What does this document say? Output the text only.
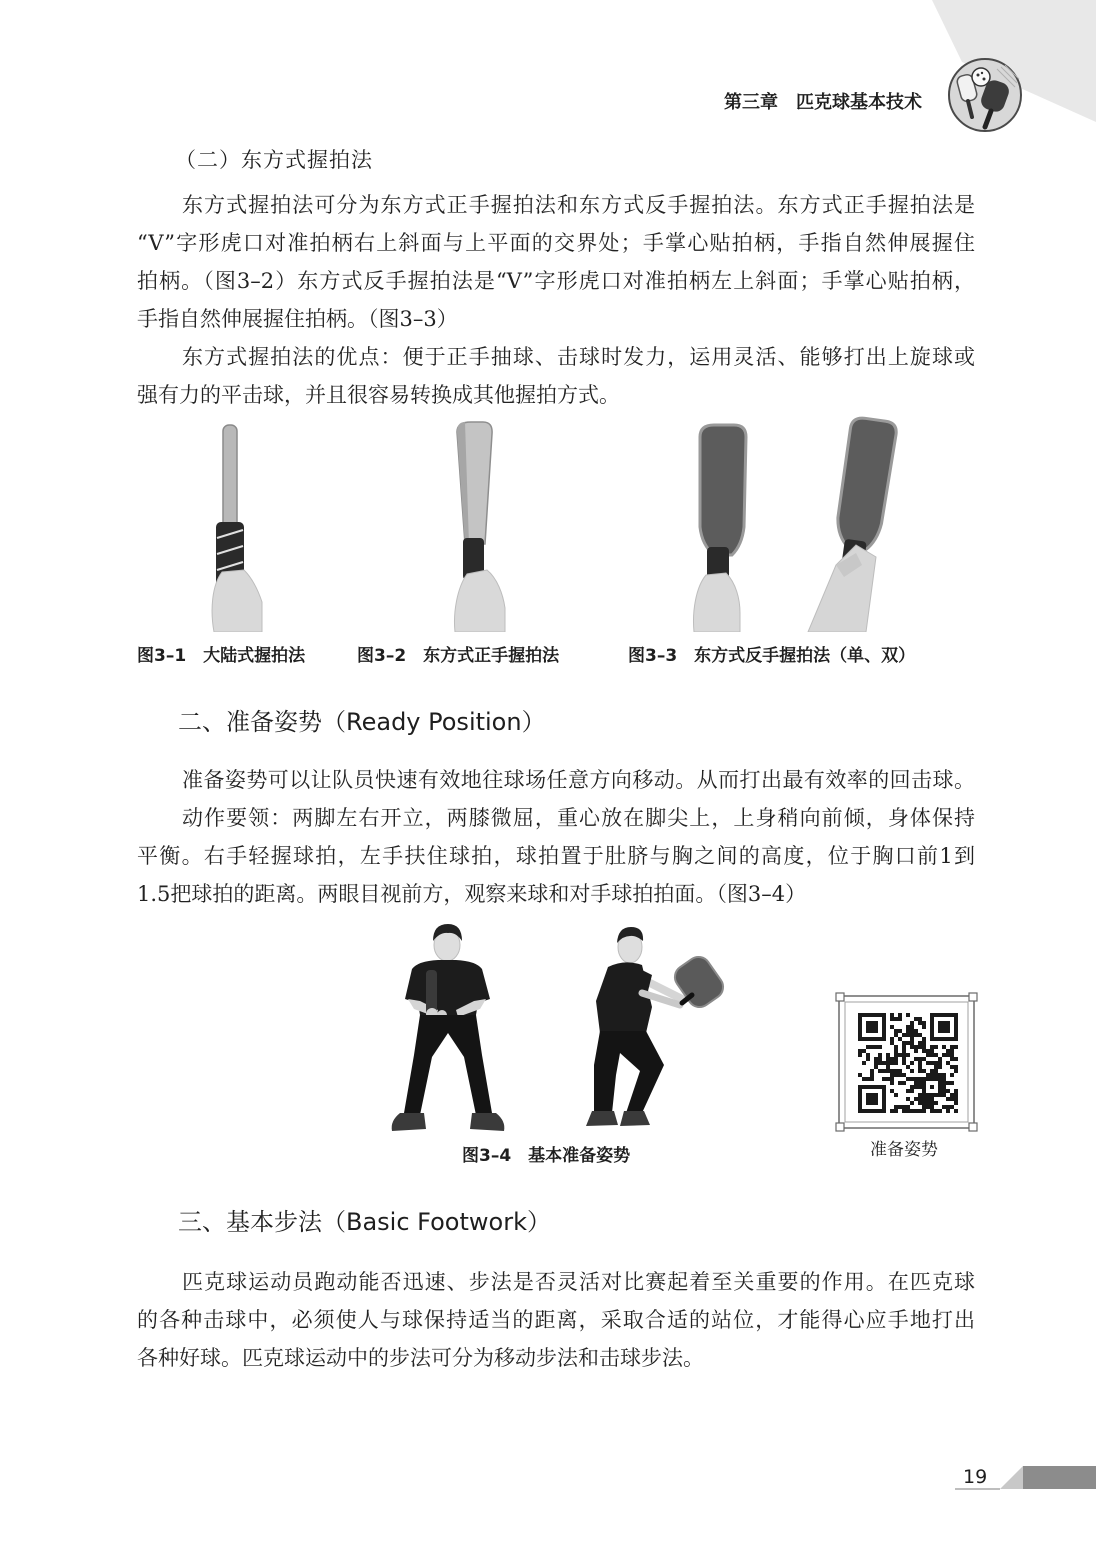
第三章　匹克球基本技术
（二）东方式握拍法
东方式握拍法可分为东方式正手握拍法和东方式反手握拍法。东方式正手握拍法是
“V”字形虎口对准拍柄右上斜面与上平面的交界处；手掌心贴拍柄，手指自然伸展握住
拍柄。（图3–2）东方式反手握拍法是“V”字形虎口对准拍柄左上斜面；手掌心贴拍柄，
手指自然伸展握住拍柄。（图3–3）
东方式握拍法的优点：便于正手抽球、击球时发力，运用灵活、能够打出上旋球或
强有力的平击球，并且很容易转换成其他握拍方式。
图3–1　大陆式握拍法	图3–2　东方式正手握拍法	图3–3　东方式反手握拍法（单、双）
二、准备姿势（Ready Position）
准备姿势可以让队员快速有效地往球场任意方向移动。从而打出最有效率的回击球。
动作要领：两脚左右开立，两膝微屈，重心放在脚尖上，上身稍向前倾，身体保持
平衡。右手轻握球拍，左手扶住球拍，球拍置于肚脐与胸之间的高度，位于胸口前1到
1.5把球拍的距离。两眼目视前方，观察来球和对手球拍拍面。（图3–4）
图3–4　基本准备姿势	准备姿势
三、基本步法（Basic Footwork）
匹克球运动员跑动能否迅速、步法是否灵活对比赛起着至关重要的作用。在匹克球
的各种击球中，必须使人与球保持适当的距离，采取合适的站位，才能得心应手地打出
各种好球。匹克球运动中的步法可分为移动步法和击球步法。
19
